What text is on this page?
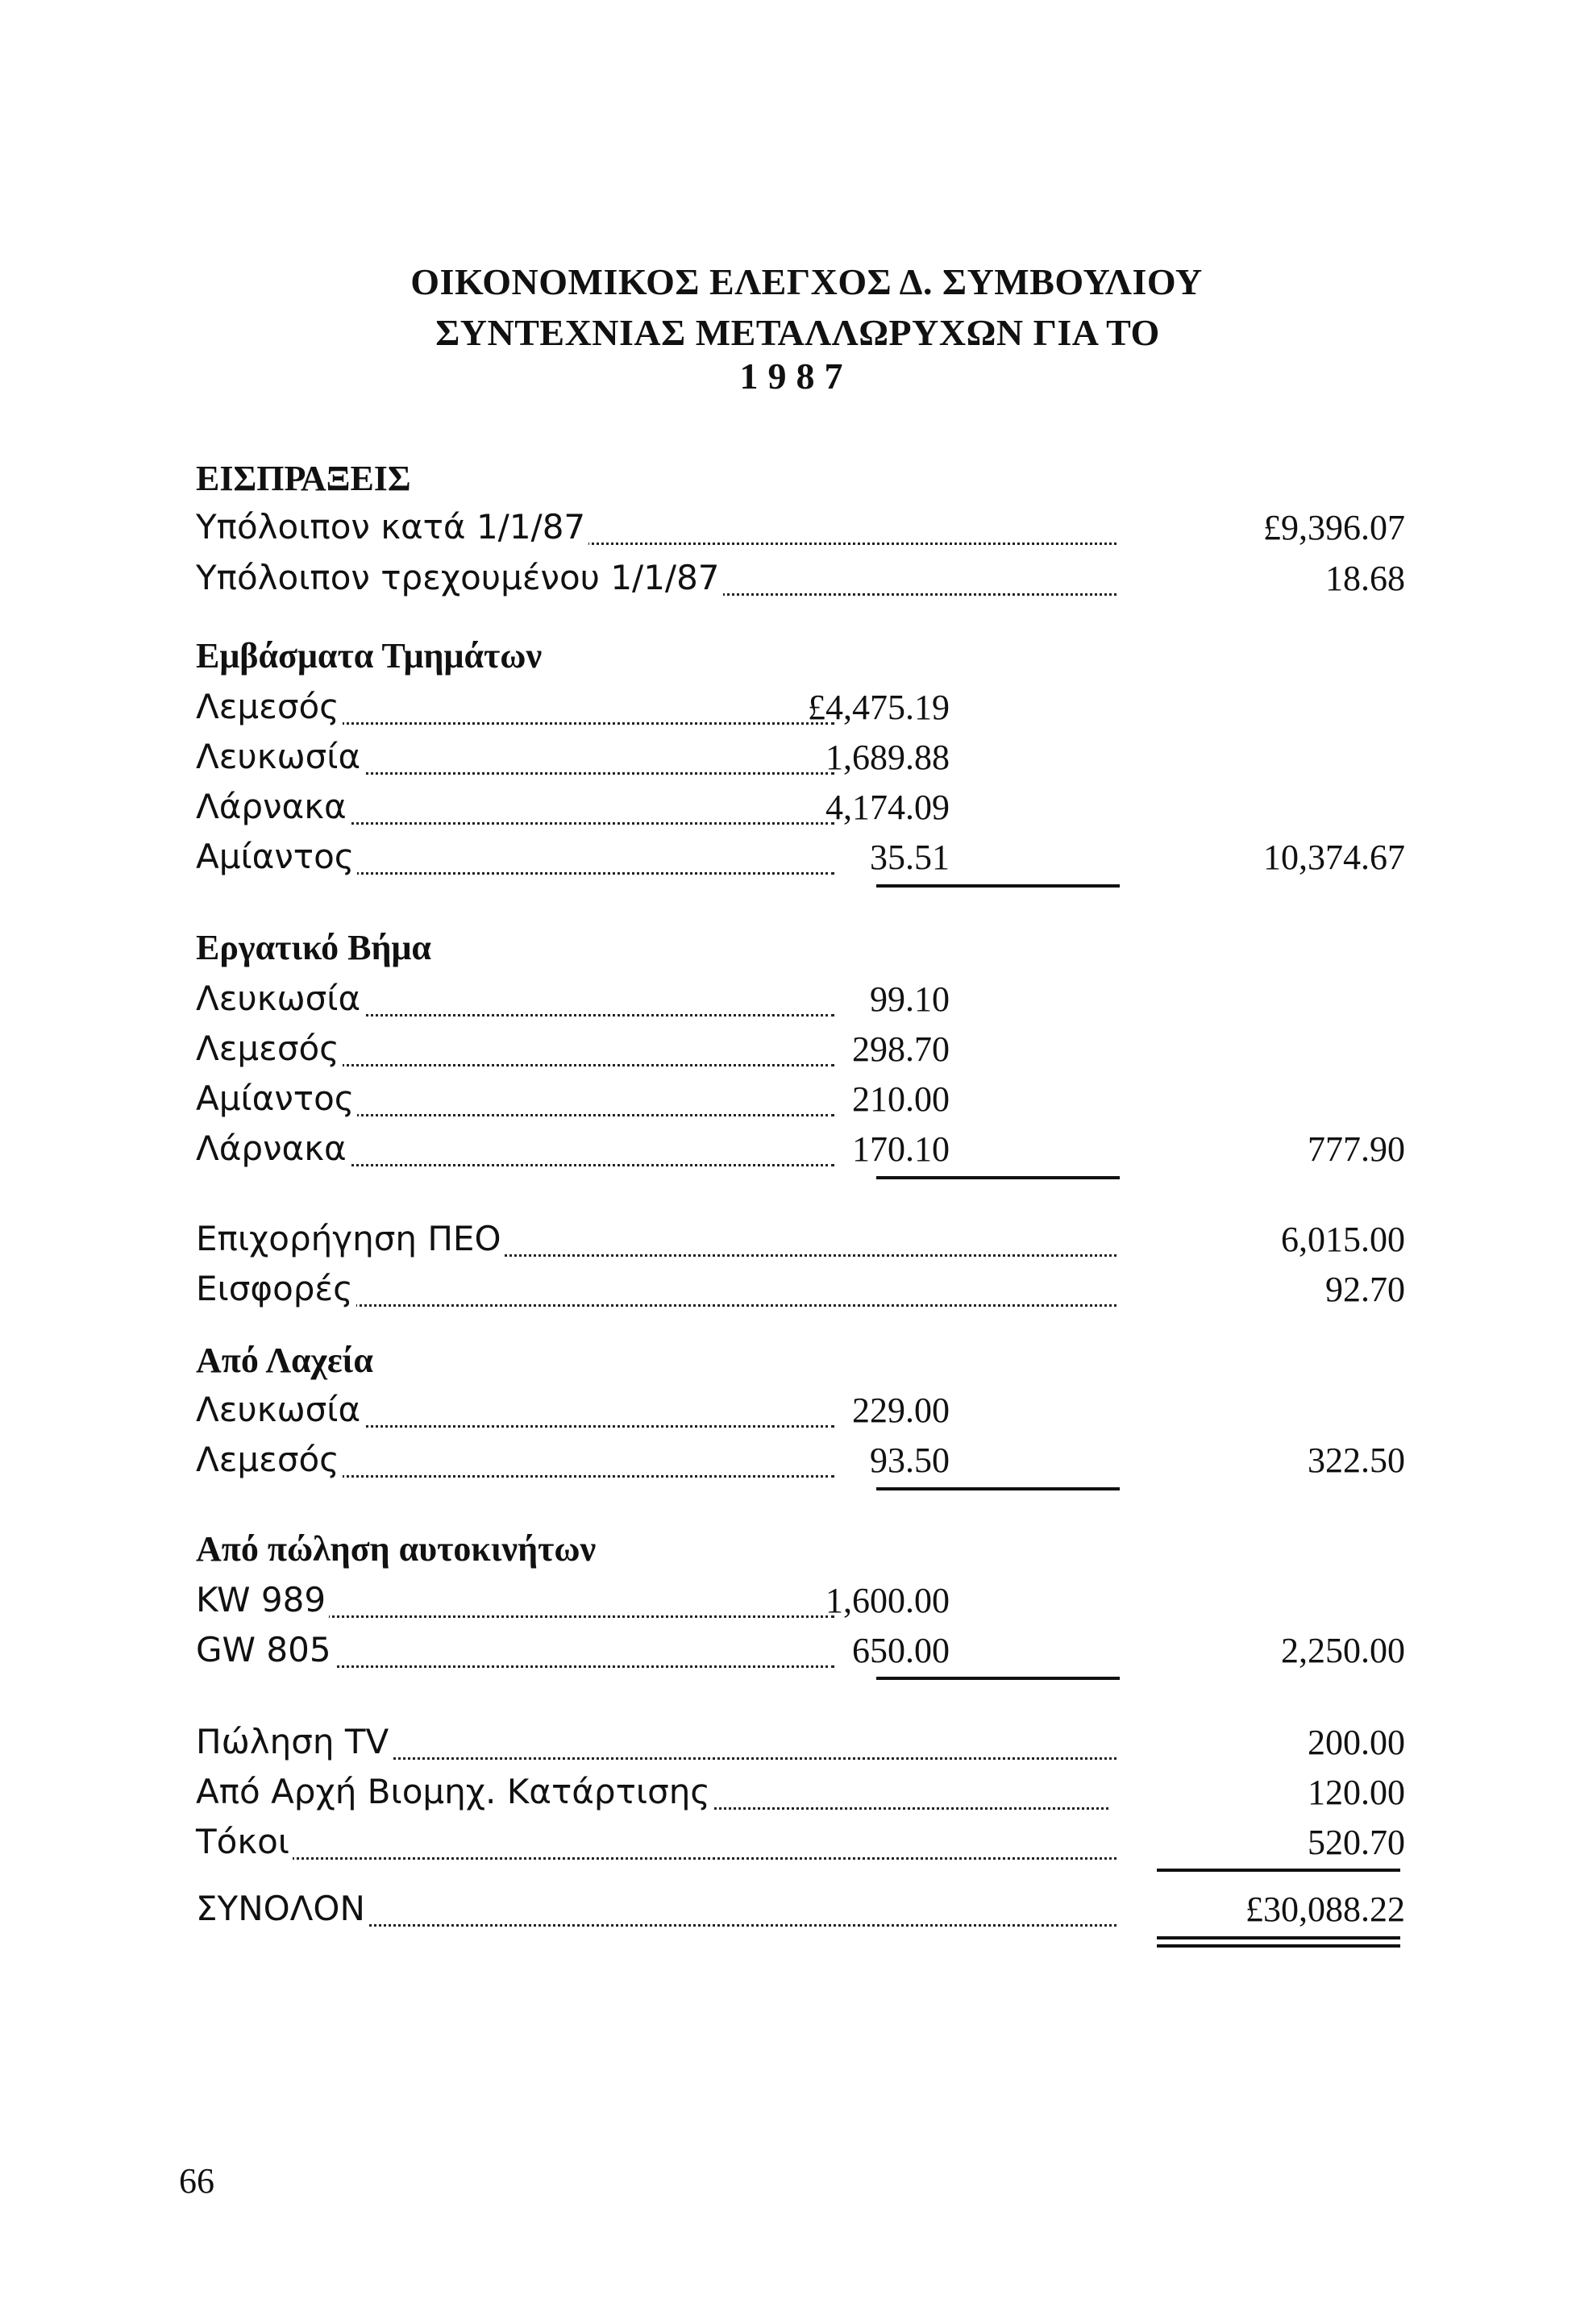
ΟΙΚΟΝΟΜΙΚΟΣ ΕΛΕΓΧΟΣ Δ. ΣΥΜΒΟΥΛΙΟΥ
ΣΥΝΤΕΧΝΙΑΣ ΜΕΤΑΛΛΩΡΥΧΩΝ ΓΙΑ ΤΟ
1987
ΕΙΣΠΡΑΞΕΙΣ
Υπόλοιπον κατά 1/1/87	£9,396.07
Υπόλοιπον τρεχουμένου 1/1/87	18.68
Εμβάσματα Τμημάτων
Λεμεσός	£4,475.19
Λευκωσία	1,689.88
Λάρνακα	4,174.09
Αμίαντος	35.51	10,374.67
Εργατικό Βήμα
Λευκωσία	99.10
Λεμεσός	298.70
Αμίαντος	210.00
Λάρνακα	170.10	777.90
Επιχορήγηση ΠΕΟ	6,015.00
Εισφορές	92.70
Από Λαχεία
Λευκωσία	229.00
Λεμεσός	93.50	322.50
Από πώληση αυτοκινήτων
KW 989	1,600.00
GW 805	650.00	2,250.00
Πώληση TV	200.00
Από Αρχή Βιομηχ. Κατάρτισης	120.00
Τόκοι	520.70
ΣΥΝΟΛΟΝ	£30,088.22
66
